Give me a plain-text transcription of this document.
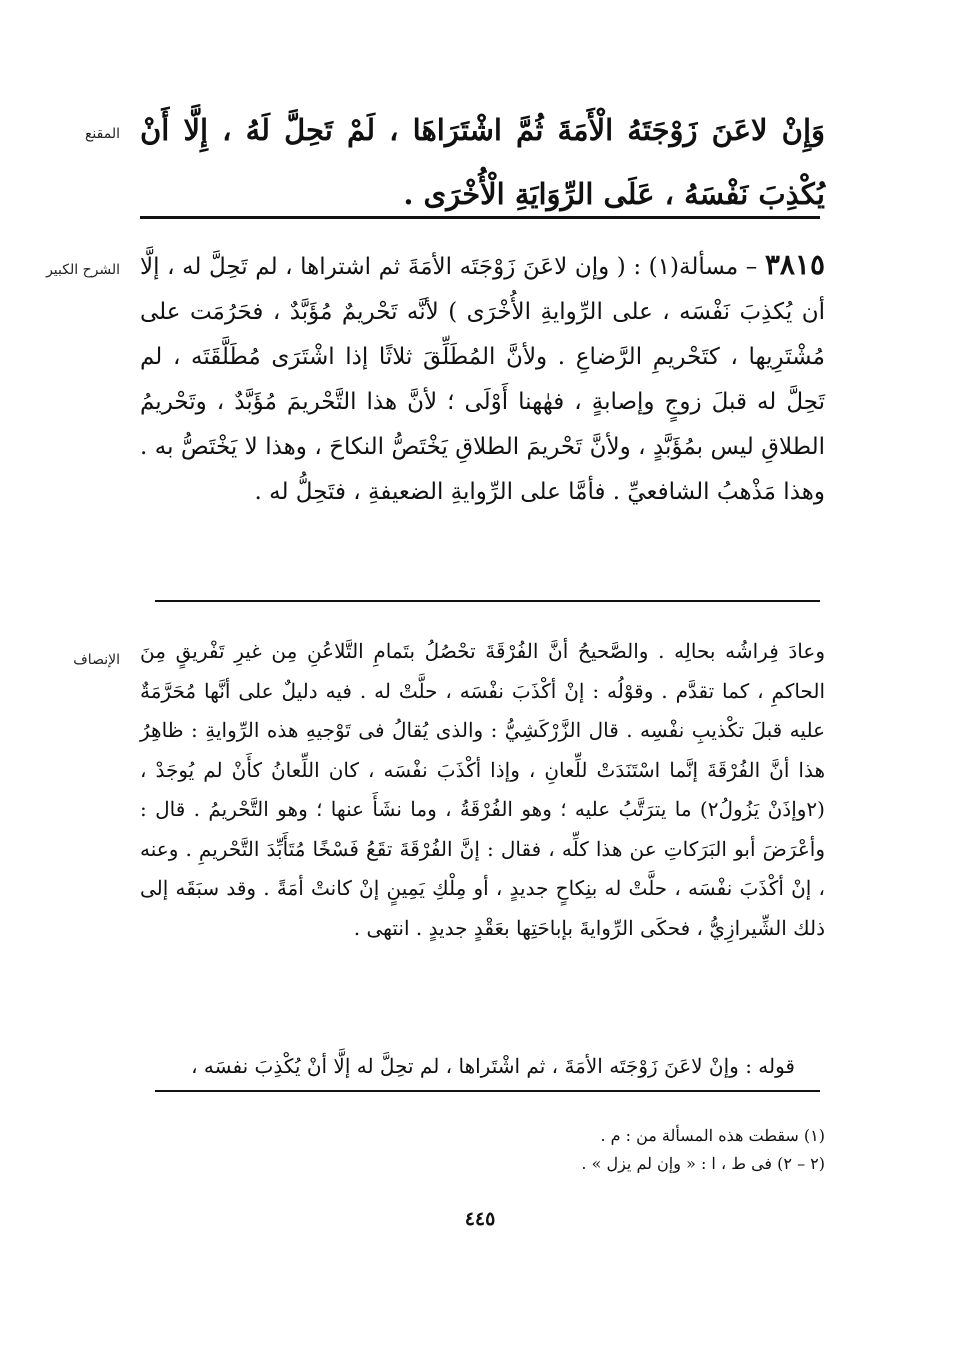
المقنع وَإِنْ لاعَنَ زَوْجَتَهُ الْأَمَةَ ثُمَّ اشْتَرَاهَا ، لَمْ تَحِلَّ لَهُ ، إِلَّا أَنْ يُكْذِبَ نَفْسَهُ ، عَلَى الرِّوَايَةِ الْأُخْرَى .
الشرح الكبير	٣٨١٥ – مسألة(١) : ( وإن لاعَنَ زَوْجَتَه الأمَةَ ثم اشتراها ، لم تَحِلَّ له ، إلَّا أن يُكذِبَ نَفْسَه ، على الرِّوايةِ الأُخْرَى ) لأنَّه تَحْريمٌ مُؤَبَّدٌ ، فحَرُمَت على مُشْتَرِيها ، كتَحْريمِ الرَّضاعِ . ولأنَّ المُطَلِّقَ ثلاثًا إذا اشْتَرَى مُطَلَّقَتَه ، لم تَحِلَّ له قبلَ زوجٍ وإصابةٍ ، فهٰهنا أَوْلَى ؛ لأنَّ هذا التَّحْريمَ مُؤَبَّدٌ ، وتَحْريمُ الطلاقِ ليس بمُؤَبَّدٍ ، ولأنَّ تَحْريمَ الطلاقِ يَخْتَصُّ النكاحَ ، وهذا لا يَخْتَصُّ به . وهذا مَذْهبُ الشافعيِّ . فأمَّا على الرِّوايةِ الضعيفةِ ، فتَحِلُّ له .
الإنصاف وعادَ فِراشُه بحالِه . والصَّحيحُ أنَّ الفُرْقَةَ تحْصُلُ بتَمامِ التَّلاعُنِ مِن غيرِ تَفْريقٍ مِنَ الحاكمِ ، كما تقدَّم . وقوْلُه : إنْ أكْذَبَ نفْسَه ، حلَّتْ له . فيه دليلٌ على أنَّها مُحَرَّمَةٌ عليه قبلَ تكْذيبِ نفْسِه . قال الزَّرْكَشِيُّ : والذى يُقالُ فى تَوْجيهِ هذه الرِّوايةِ : ظاهِرُ هذا أنَّ الفُرْقَةَ إنَّما اسْتَنَدَتْ للِّعانِ ، وإذا أكْذَبَ نفْسَه ، كان اللِّعانُ كأَنْ لم يُوجَدْ ، (٢وإذَنْ يَزُولُ٢) ما يترَتَّبُ عليه ؛ وهو الفُرْقَةُ ، وما نشَأَ عنها ؛ وهو التَّحْريمُ . قال : وأعْرَضَ أبو البَرَكاتِ عن هذا كلِّه ، فقال : إنَّ الفُرْقَةَ تقَعُ فَسْخًا مُتَأَبِّدَ التَّحْريمِ . وعنه ، إنْ أكْذَبَ نفْسَه ، حلَّتْ له بنِكاحٍ جديدٍ ، أو مِلْكِ يَمِينٍ إنْ كانتْ أمَةً . وقد سبَقَه إلى ذلك الشِّيرازِيُّ ، فحكَى الرِّوايةَ بإباحَتِها بعَقْدٍ جديدٍ . انتهى .
قوله : وإنْ لاعَنَ زَوْجَتَه الأمَةَ ، ثم اشْتَراها ، لم تحِلَّ له إلَّا أنْ يُكْذِبَ نفسَه ،
(١) سقطت هذه المسألة من : م .
(٢ – ٢) فى ط ، ا : « وإن لم يزل » .
٤٤٥
